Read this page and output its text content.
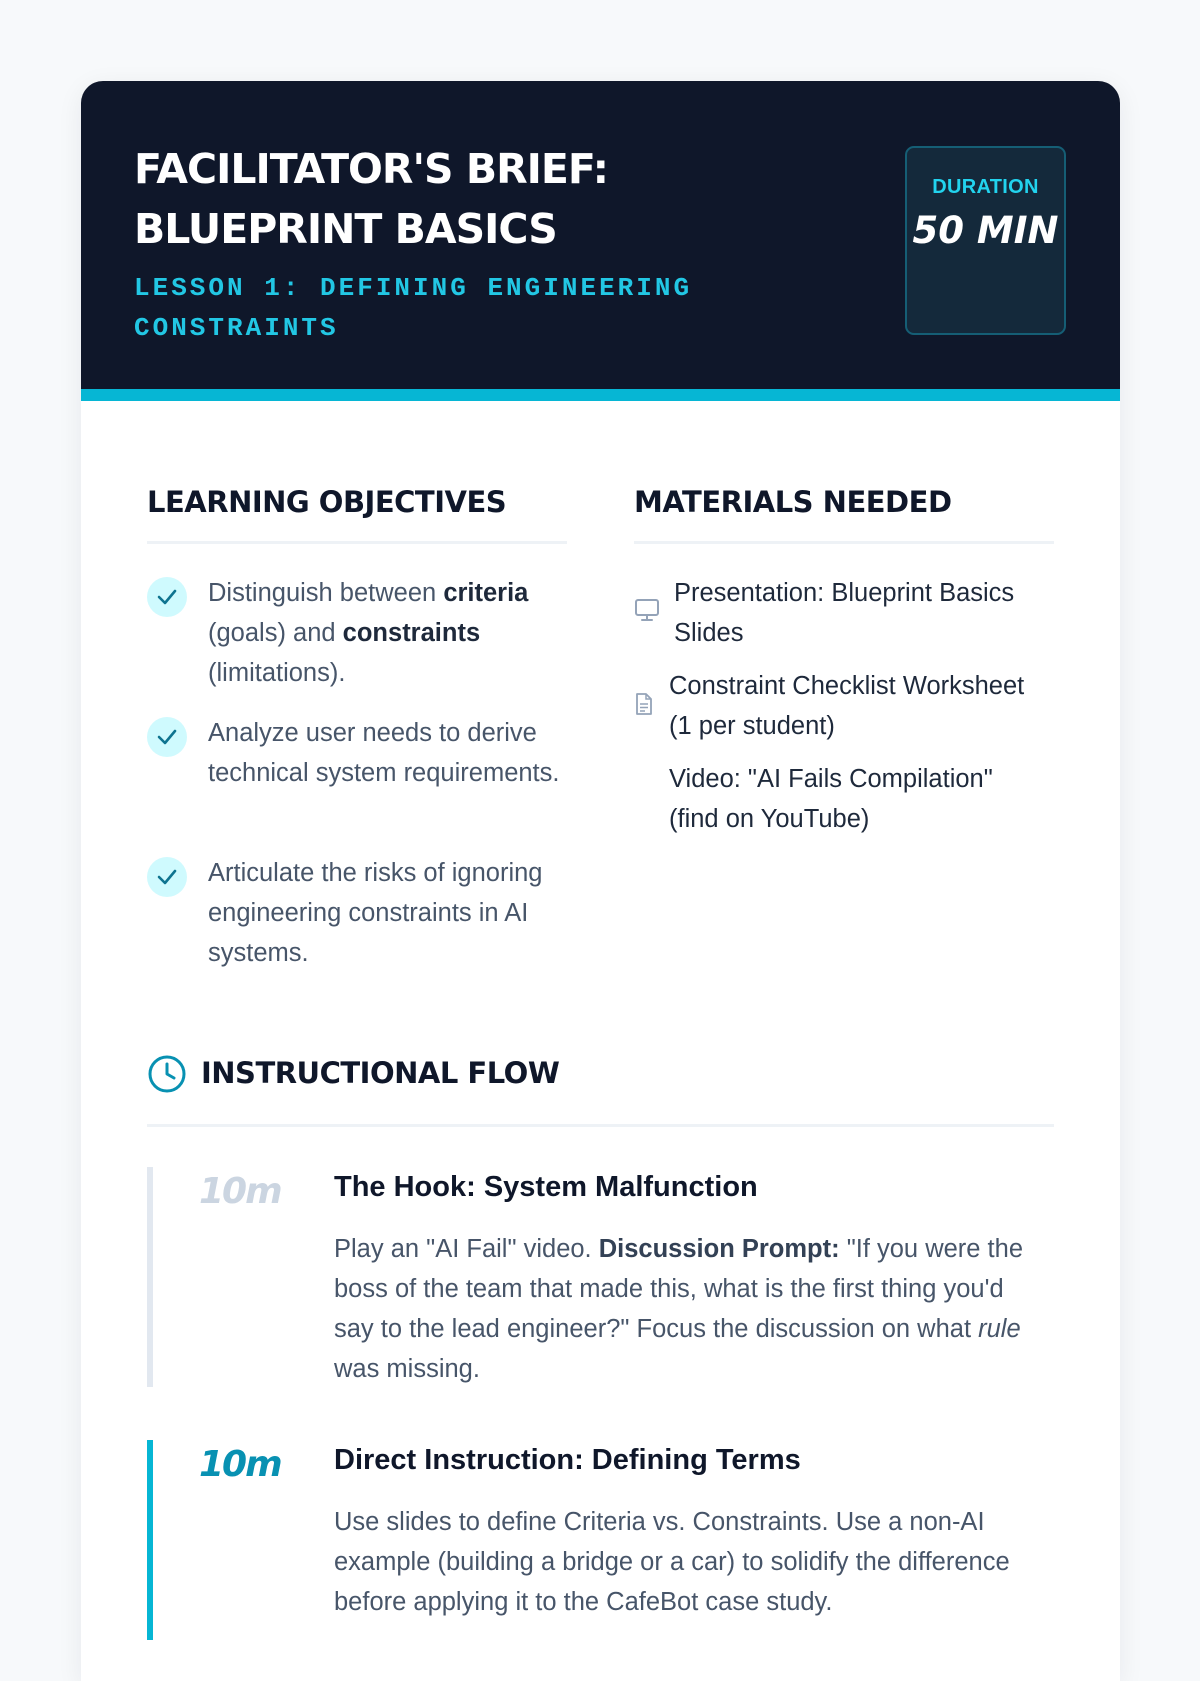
FACILITATOR'S BRIEF:
BLUEPRINT BASICS
LESSON 1: DEFINING ENGINEERING CONSTRAINTS
DURATION
50 MIN
LEARNING OBJECTIVES
Distinguish between criteria (goals) and constraints (limitations).
Analyze user needs to derive technical system requirements.
Articulate the risks of ignoring engineering constraints in AI systems.
MATERIALS NEEDED
Presentation: Blueprint Basics Slides
Constraint Checklist Worksheet (1 per student)
Video: "AI Fails Compilation" (find on YouTube)
INSTRUCTIONAL FLOW
10m The Hook: System Malfunction
Play an "AI Fail" video. Discussion Prompt: "If you were the boss of the team that made this, what is the first thing you'd say to the lead engineer?" Focus the discussion on what rule was missing.
10m Direct Instruction: Defining Terms
Use slides to define Criteria vs. Constraints. Use a non-AI example (building a bridge or a car) to solidify the difference before applying it to the CafeBot case study.
